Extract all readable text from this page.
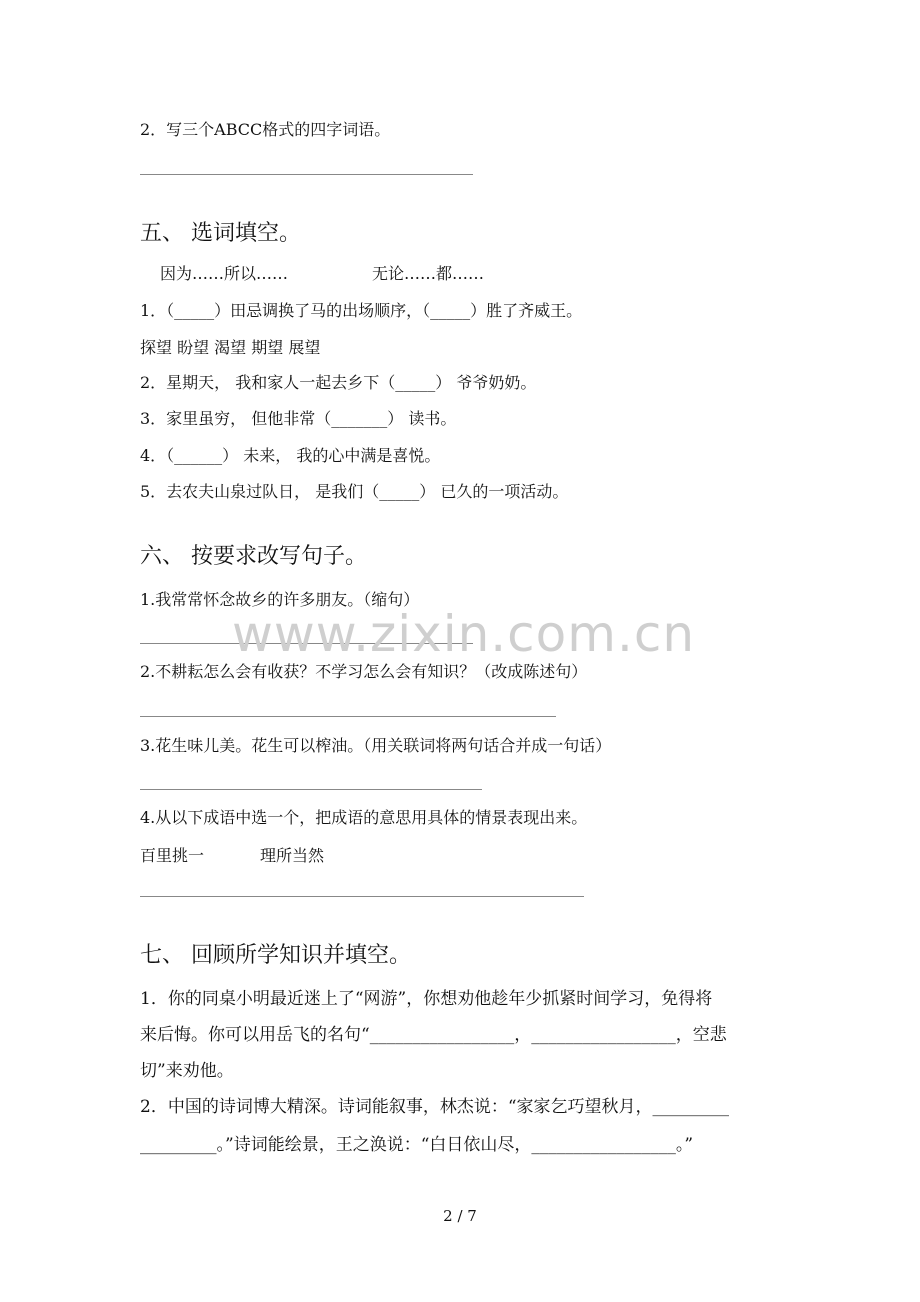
2．写三个ABCC格式的四字词语。
五、 选词填空。
因为……所以……	无论……都……
1．（_____）田忌调换了马的出场顺序，（_____）胜了齐威王。
探望 盼望 渴望 期望 展望
2．星期天， 我和家人一起去乡下（_____） 爷爷奶奶。
3．家里虽穷， 但他非常（_______） 读书。
4．（______） 未来， 我的心中满是喜悦。
5．去农夫山泉过队日， 是我们（_____） 已久的一项活动。
六、 按要求改写句子。
1.我常常怀念故乡的许多朋友。（缩句）
2.不耕耘怎么会有收获？不学习怎么会有知识？（改成陈述句）
3.花生味儿美。花生可以榨油。（用关联词将两句话合并成一句话）
4.从以下成语中选一个，把成语的意思用具体的情景表现出来。
百里挑一	理所当然
七、 回顾所学知识并填空。
1．你的同桌小明最近迷上了“网游”，你想劝他趁年少抓紧时间学习，免得将
来后悔。你可以用岳飞的名句“_________________，_________________，空悲
切”来劝他。
2．中国的诗词博大精深。诗词能叙事，林杰说：“家家乞巧望秋月，_________
_________。”诗词能绘景，王之涣说：“白日依山尽，_________________。”
www.zixin.com.cn
2 / 7
